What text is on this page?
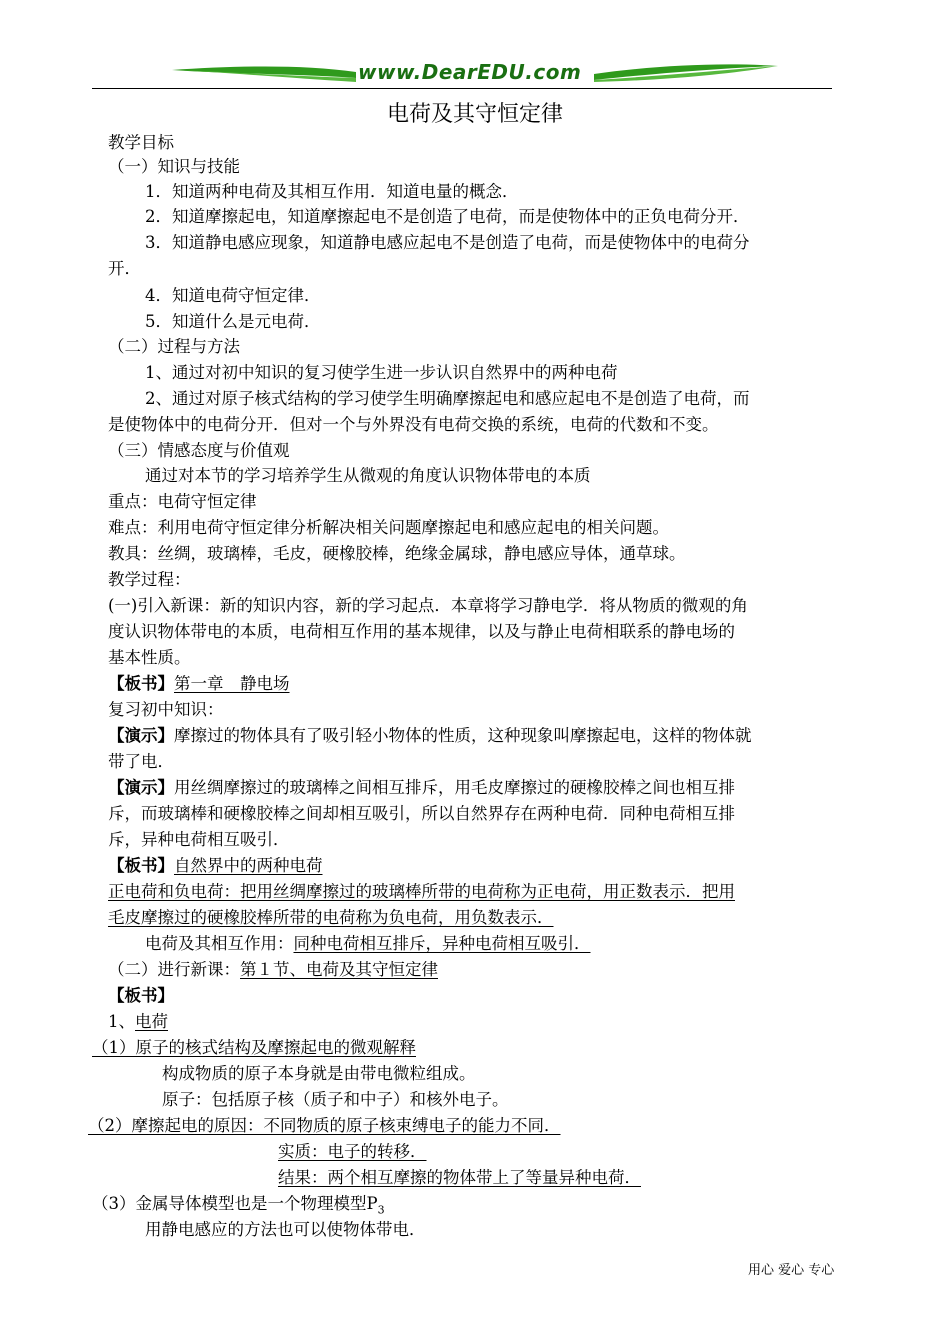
www.DearEDU.com
电荷及其守恒定律
教学目标
（一）知识与技能
1．知道两种电荷及其相互作用．知道电量的概念．
2．知道摩擦起电，知道摩擦起电不是创造了电荷，而是使物体中的正负电荷分开．
3．知道静电感应现象，知道静电感应起电不是创造了电荷，而是使物体中的电荷分
开．
4．知道电荷守恒定律．
5．知道什么是元电荷．
（二）过程与方法
1、通过对初中知识的复习使学生进一步认识自然界中的两种电荷
2、通过对原子核式结构的学习使学生明确摩擦起电和感应起电不是创造了电荷，而
是使物体中的电荷分开．但对一个与外界没有电荷交换的系统，电荷的代数和不变。
（三）情感态度与价值观
通过对本节的学习培养学生从微观的角度认识物体带电的本质
重点：电荷守恒定律
难点：利用电荷守恒定律分析解决相关问题摩擦起电和感应起电的相关问题。
教具：丝绸，玻璃棒，毛皮，硬橡胶棒，绝缘金属球，静电感应导体，通草球。
教学过程：
(一)引入新课：新的知识内容，新的学习起点．本章将学习静电学．将从物质的微观的角
度认识物体带电的本质，电荷相互作用的基本规律，以及与静止电荷相联系的静电场的
基本性质。
【板书】第一章　静电场
复习初中知识：
【演示】摩擦过的物体具有了吸引轻小物体的性质，这种现象叫摩擦起电，这样的物体就
带了电．
【演示】用丝绸摩擦过的玻璃棒之间相互排斥，用毛皮摩擦过的硬橡胶棒之间也相互排
斥，而玻璃棒和硬橡胶棒之间却相互吸引，所以自然界存在两种电荷．同种电荷相互排
斥，异种电荷相互吸引．
【板书】自然界中的两种电荷
正电荷和负电荷：把用丝绸摩擦过的玻璃棒所带的电荷称为正电荷，用正数表示．把用
毛皮摩擦过的硬橡胶棒所带的电荷称为负电荷，用负数表示．
电荷及其相互作用：同种电荷相互排斥，异种电荷相互吸引．
（二）进行新课：第１节、电荷及其守恒定律
【板书】
1、电荷
（1）原子的核式结构及摩擦起电的微观解释
构成物质的原子本身就是由带电微粒组成。
原子：包括原子核（质子和中子）和核外电子。
（2）摩擦起电的原因：不同物质的原子核束缚电子的能力不同．
实质：电子的转移．
结果：两个相互摩擦的物体带上了等量异种电荷．
（3）金属导体模型也是一个物理模型$P_3$
用静电感应的方法也可以使物体带电．
用心 爱心 专心
